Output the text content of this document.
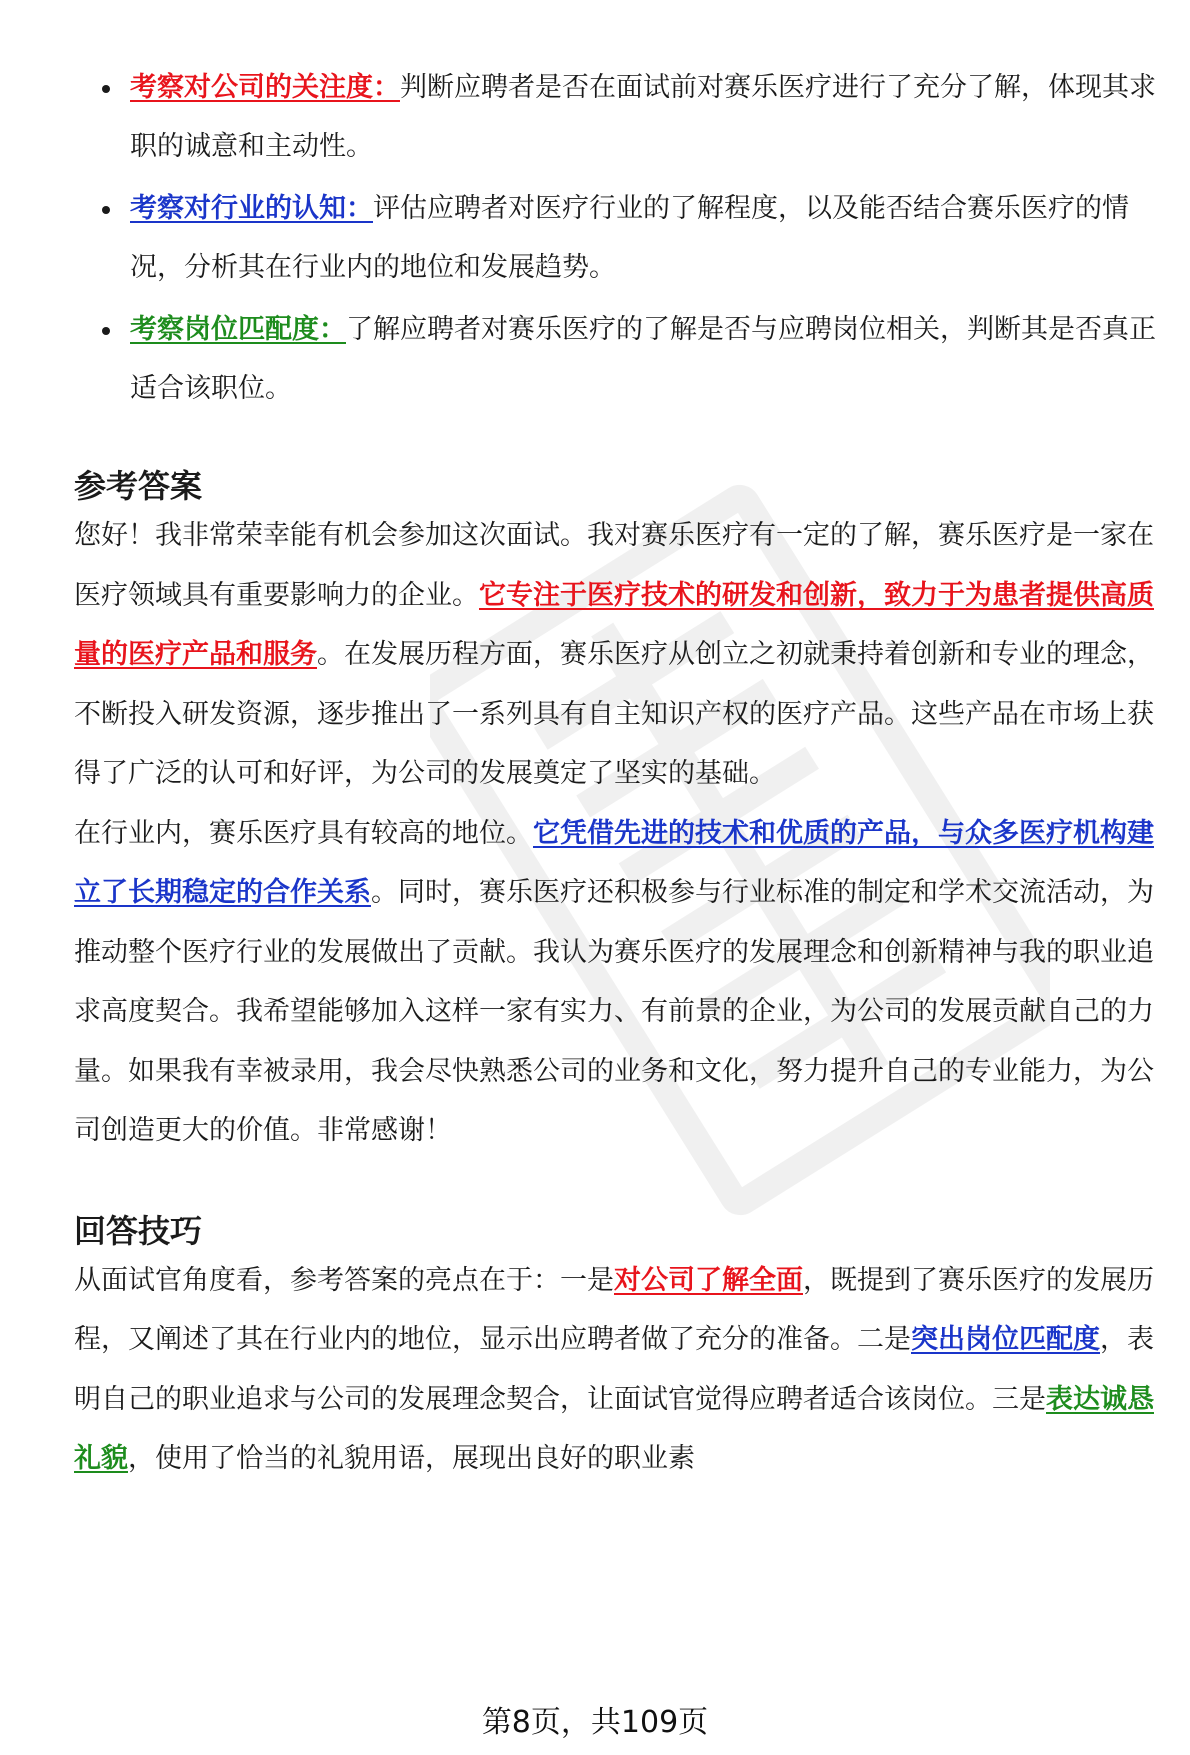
考察对公司的关注度：判断应聘者是否在面试前对赛乐医疗进行了充分了解，体现其求职的诚意和主动性。
考察对行业的认知：评估应聘者对医疗行业的了解程度，以及能否结合赛乐医疗的情况，分析其在行业内的地位和发展趋势。
考察岗位匹配度：了解应聘者对赛乐医疗的了解是否与应聘岗位相关，判断其是否真正适合该职位。
参考答案

您好！我非常荣幸能有机会参加这次面试。我对赛乐医疗有一定的了解，赛乐医疗是一家在医疗领域具有重要影响力的企业。它专注于医疗技术的研发和创新，致力于为患者提供高质量的医疗产品和服务。在发展历程方面，赛乐医疗从创立之初就秉持着创新和专业的理念，不断投入研发资源，逐步推出了一系列具有自主知识产权的医疗产品。这些产品在市场上获得了广泛的认可和好评，为公司的发展奠定了坚实的基础。

在行业内，赛乐医疗具有较高的地位。它凭借先进的技术和优质的产品，与众多医疗机构建立了长期稳定的合作关系。同时，赛乐医疗还积极参与行业标准的制定和学术交流活动，为推动整个医疗行业的发展做出了贡献。我认为赛乐医疗的发展理念和创新精神与我的职业追求高度契合。我希望能够加入这样一家有实力、有前景的企业，为公司的发展贡献自己的力量。如果我有幸被录用，我会尽快熟悉公司的业务和文化，努力提升自己的专业能力，为公司创造更大的价值。非常感谢！

回答技巧

从面试官角度看，参考答案的亮点在于：一是对公司了解全面，既提到了赛乐医疗的发展历程，又阐述了其在行业内的地位，显示出应聘者做了充分的准备。二是突出岗位匹配度，表明自己的职业追求与公司的发展理念契合，让面试官觉得应聘者适合该岗位。三是表达诚恳礼貌，使用了恰当的礼貌用语，展现出良好的职业素

第8页，共109页
